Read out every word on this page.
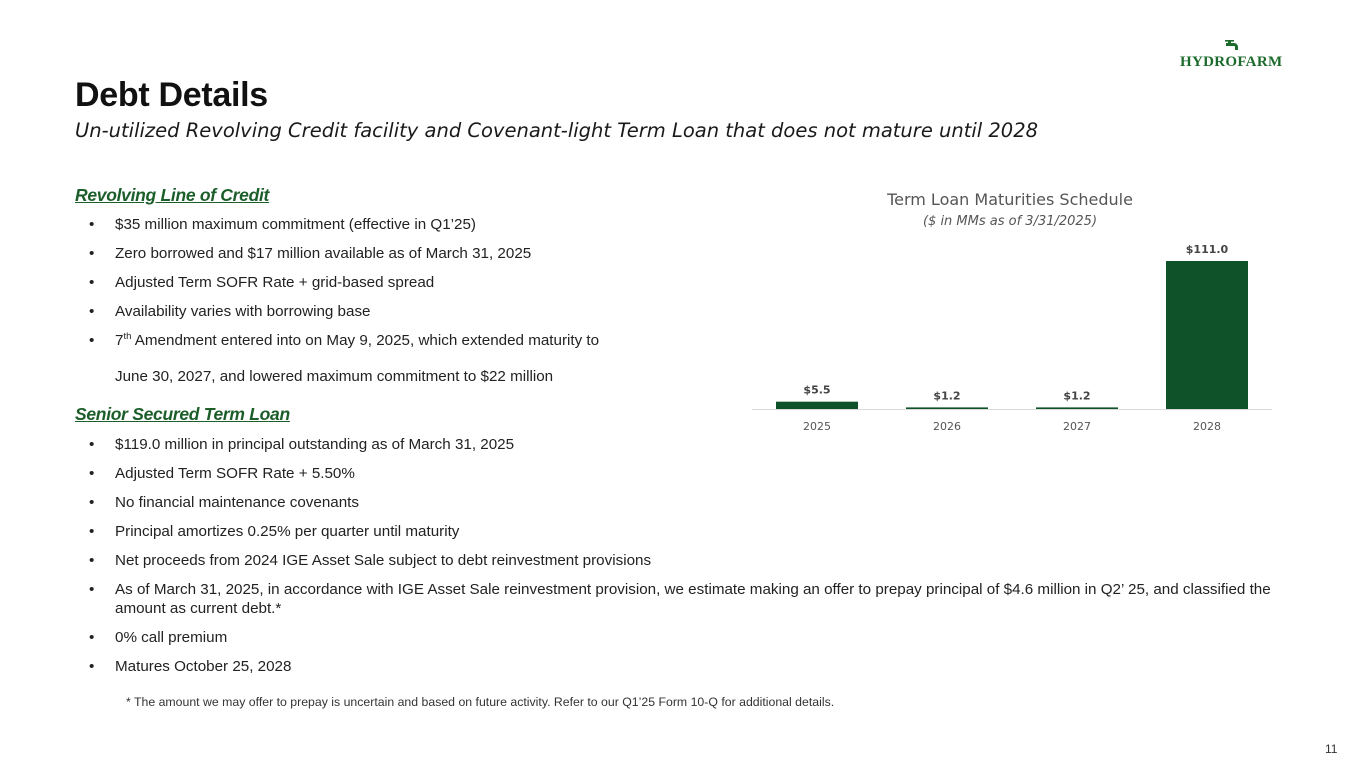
HYDROFARM
Debt Details
Un-utilized Revolving Credit facility and Covenant-light Term Loan that does not mature until 2028
Revolving Line of Credit
• $35 million maximum commitment (effective in Q1’25)
• Zero borrowed and $17 million available as of March 31, 2025
• Adjusted Term SOFR Rate + grid-based spread
• Availability varies with borrowing base
• 7th Amendment entered into on May 9, 2025, which extended maturity to
June 30, 2027, and lowered maximum commitment to $22 million
Senior Secured Term Loan
• $119.0 million in principal outstanding as of March 31, 2025
• Adjusted Term SOFR Rate + 5.50%
• No financial maintenance covenants
• Principal amortizes 0.25% per quarter until maturity
• Net proceeds from 2024 IGE Asset Sale subject to debt reinvestment provisions
• As of March 31, 2025, in accordance with IGE Asset Sale reinvestment provision, we estimate making an offer to prepay principal of $4.6 million in Q2’ 25, and classified the amount as current debt.*
• 0% call premium
• Matures October 25, 2028
* The amount we may offer to prepay is uncertain and based on future activity. Refer to our Q1’25 Form 10-Q for additional details.
11
Term Loan Maturities Schedule
($ in MMs as of 3/31/2025)
$5.5
2025
$1.2
2026
$1.2
2027
$111.0
2028
